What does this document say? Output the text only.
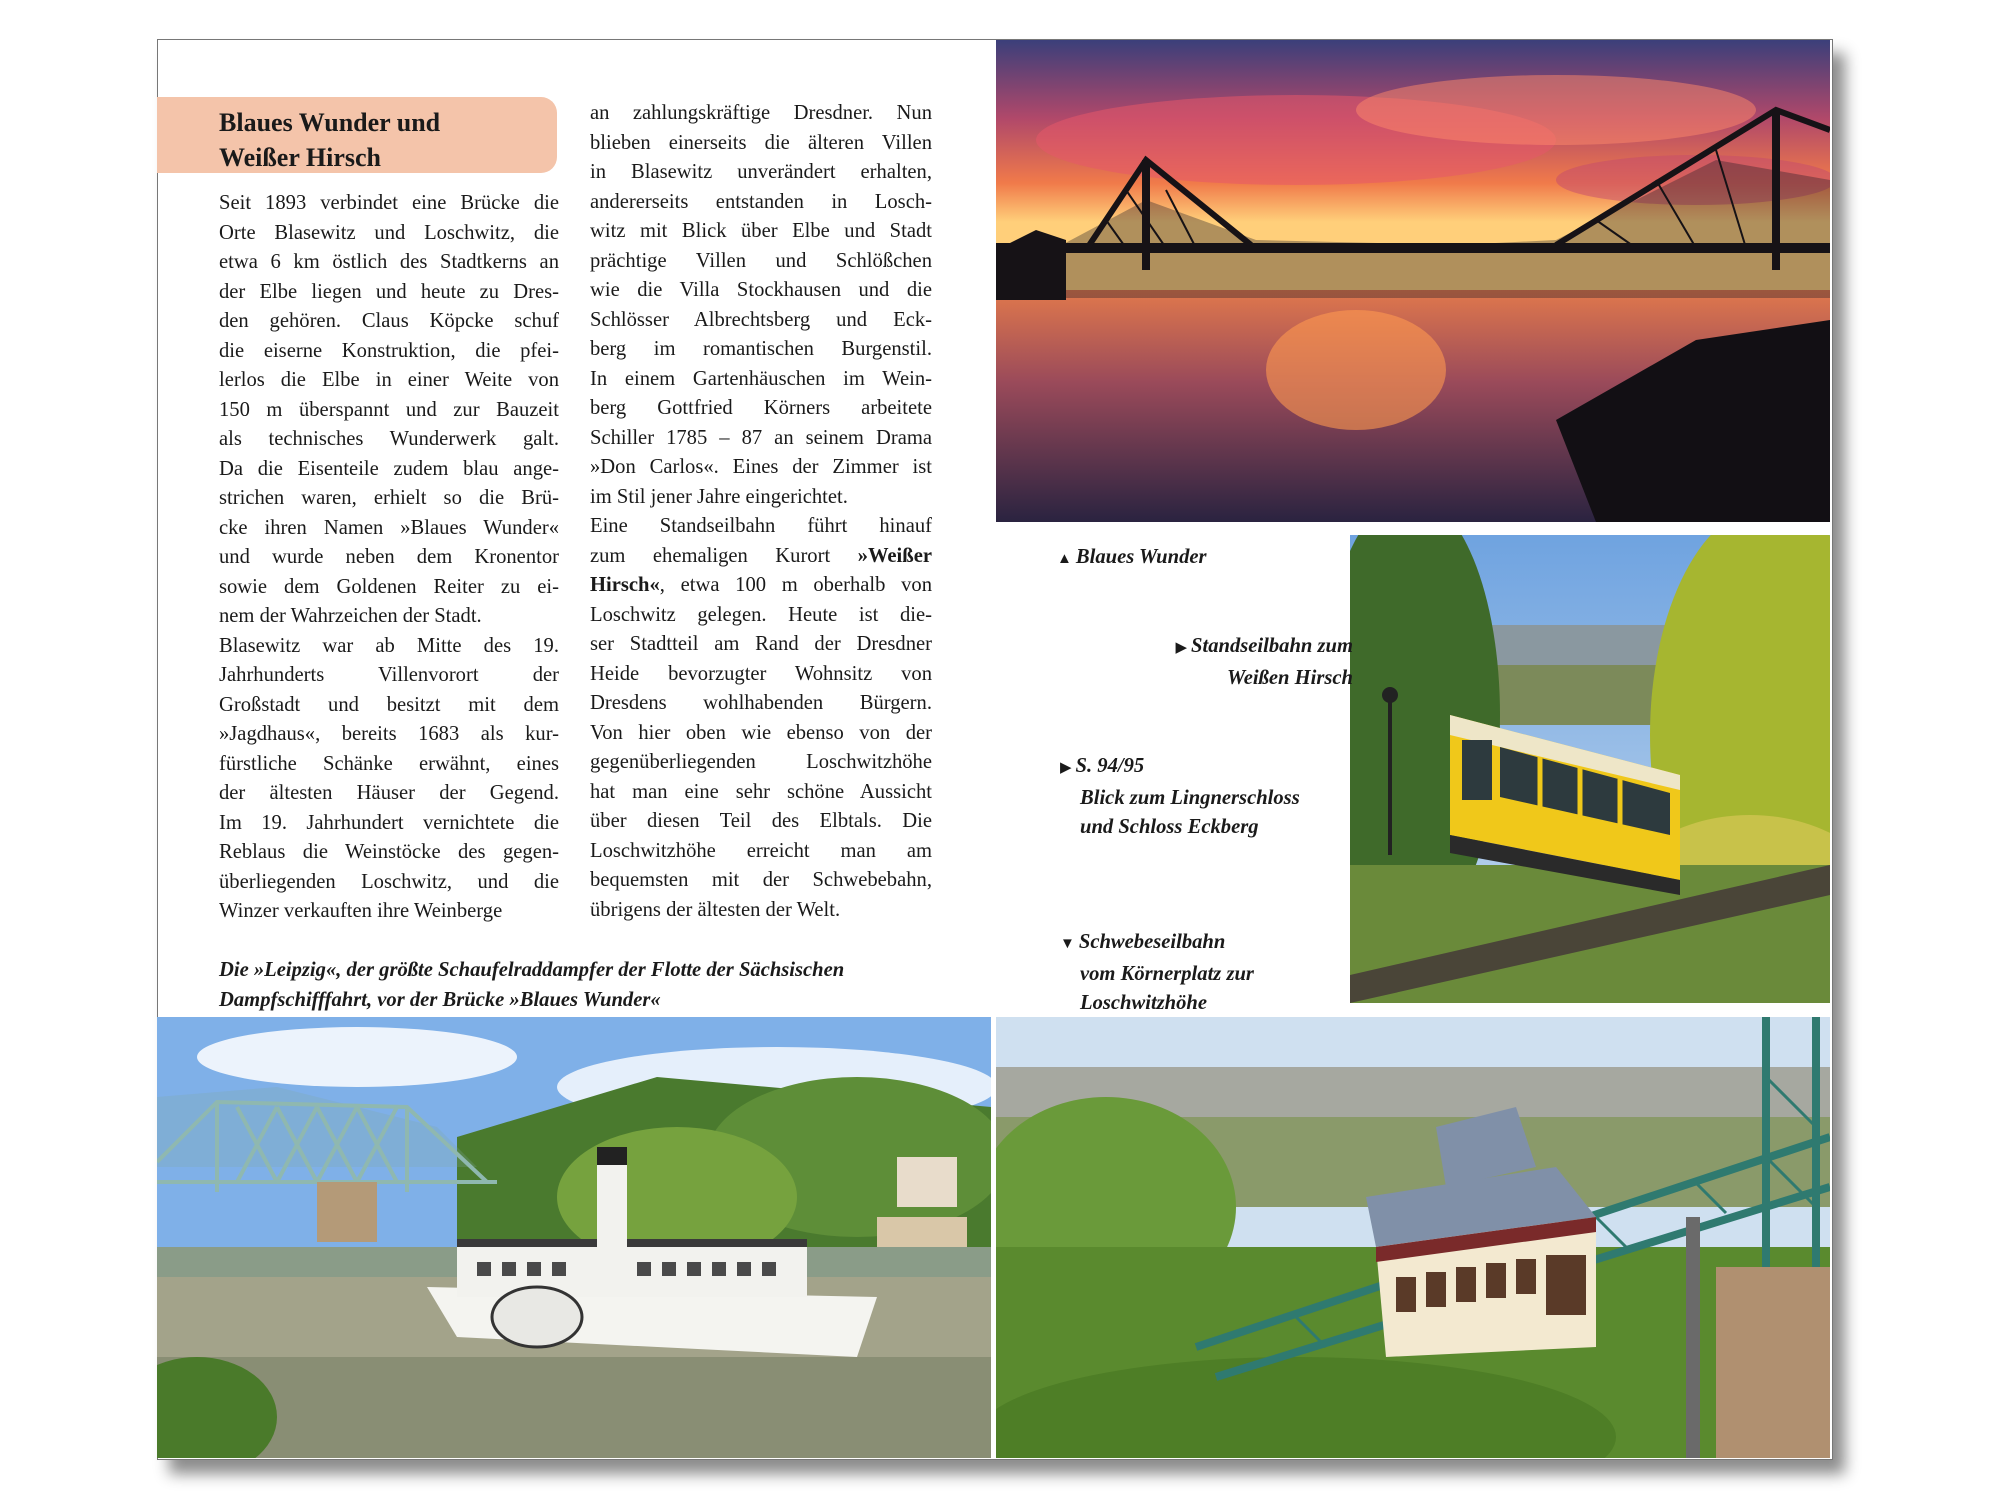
Blaues Wunder und
Weißer Hirsch
Seit 1893 verbindet eine Brücke die
Orte Blasewitz und Loschwitz, die
etwa 6 km östlich des Stadtkerns an
der Elbe liegen und heute zu Dres-
den gehören. Claus Köpcke schuf
die eiserne Konstruktion, die pfei-
lerlos die Elbe in einer Weite von
150 m überspannt und zur Bauzeit
als technisches Wunderwerk galt.
Da die Eisenteile zudem blau ange-
strichen waren, erhielt so die Brü-
cke ihren Namen »Blaues Wunder«
und wurde neben dem Kronentor
sowie dem Goldenen Reiter zu ei-
nem der Wahrzeichen der Stadt.
Blasewitz war ab Mitte des 19.
Jahrhunderts Villenvorort der
Großstadt und besitzt mit dem
»Jagdhaus«, bereits 1683 als kur-
fürstliche Schänke erwähnt, eines
der ältesten Häuser der Gegend.
Im 19. Jahrhundert vernichtete die
Reblaus die Weinstöcke des gegen-
überliegenden Loschwitz, und die
Winzer verkauften ihre Weinberge
an zahlungskräftige Dresdner. Nun
blieben einerseits die älteren Villen
in Blasewitz unverändert erhalten,
andererseits entstanden in Losch-
witz mit Blick über Elbe und Stadt
prächtige Villen und Schlößchen
wie die Villa Stockhausen und die
Schlösser Albrechtsberg und Eck-
berg im romantischen Burgenstil.
In einem Gartenhäuschen im Wein-
berg Gottfried Körners arbeitete
Schiller 1785 – 87 an seinem Drama
»Don Carlos«. Eines der Zimmer ist
im Stil jener Jahre eingerichtet.
Eine Standseilbahn führt hinauf
zum ehemaligen Kurort »Weißer
Hirsch«, etwa 100 m oberhalb von
Loschwitz gelegen. Heute ist die-
ser Stadtteil am Rand der Dresdner
Heide bevorzugter Wohnsitz von
Dresdens wohlhabenden Bürgern.
Von hier oben wie ebenso von der
gegenüberliegenden Loschwitzhöhe
hat man eine sehr schöne Aussicht
über diesen Teil des Elbtals. Die
Loschwitzhöhe erreicht man am
bequemsten mit der Schwebebahn,
übrigens der ältesten der Welt.
Die »Leipzig«, der größte Schaufelraddampfer der Flotte der Sächsischen
Dampfschifffahrt, vor der Brücke »Blaues Wunder«
▲ Blaues Wunder
▶ Standseilbahn zum
Weißen Hirsch
▶ S. 94/95
Blick zum Lingnerschloss
und Schloss Eckberg
▼ Schwebeseilbahn
vom Körnerplatz zur
Loschwitzhöhe
